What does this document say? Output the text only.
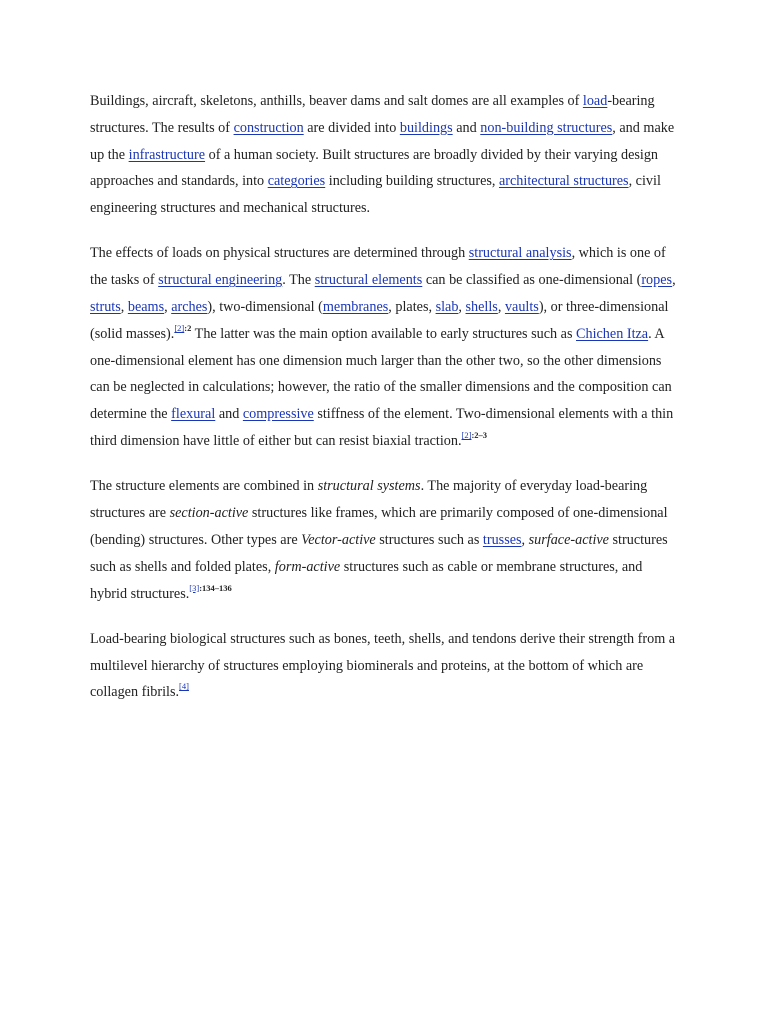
Buildings, aircraft, skeletons, anthills, beaver dams and salt domes are all examples of load-bearing structures. The results of construction are divided into buildings and non-building structures, and make up the infrastructure of a human society. Built structures are broadly divided by their varying design approaches and standards, into categories including building structures, architectural structures, civil engineering structures and mechanical structures.

The effects of loads on physical structures are determined through structural analysis, which is one of the tasks of structural engineering. The structural elements can be classified as one-dimensional (ropes, struts, beams, arches), two-dimensional (membranes, plates, slab, shells, vaults), or three-dimensional (solid masses).$^{[2]:2}$ The latter was the main option available to early structures such as Chichen Itza. A one-dimensional element has one dimension much larger than the other two, so the other dimensions can be neglected in calculations; however, the ratio of the smaller dimensions and the composition can determine the flexural and compressive stiffness of the element. Two-dimensional elements with a thin third dimension have little of either but can resist biaxial traction.$^{[2]:2-3}$

The structure elements are combined in structural systems. The majority of everyday load-bearing structures are section-active structures like frames, which are primarily composed of one-dimensional (bending) structures. Other types are Vector-active structures such as trusses, surface-active structures such as shells and folded plates, form-active structures such as cable or membrane structures, and hybrid structures.$^{[3]:134-136}$

Load-bearing biological structures such as bones, teeth, shells, and tendons derive their strength from a multilevel hierarchy of structures employing biominerals and proteins, at the bottom of which are collagen fibrils.[4]
